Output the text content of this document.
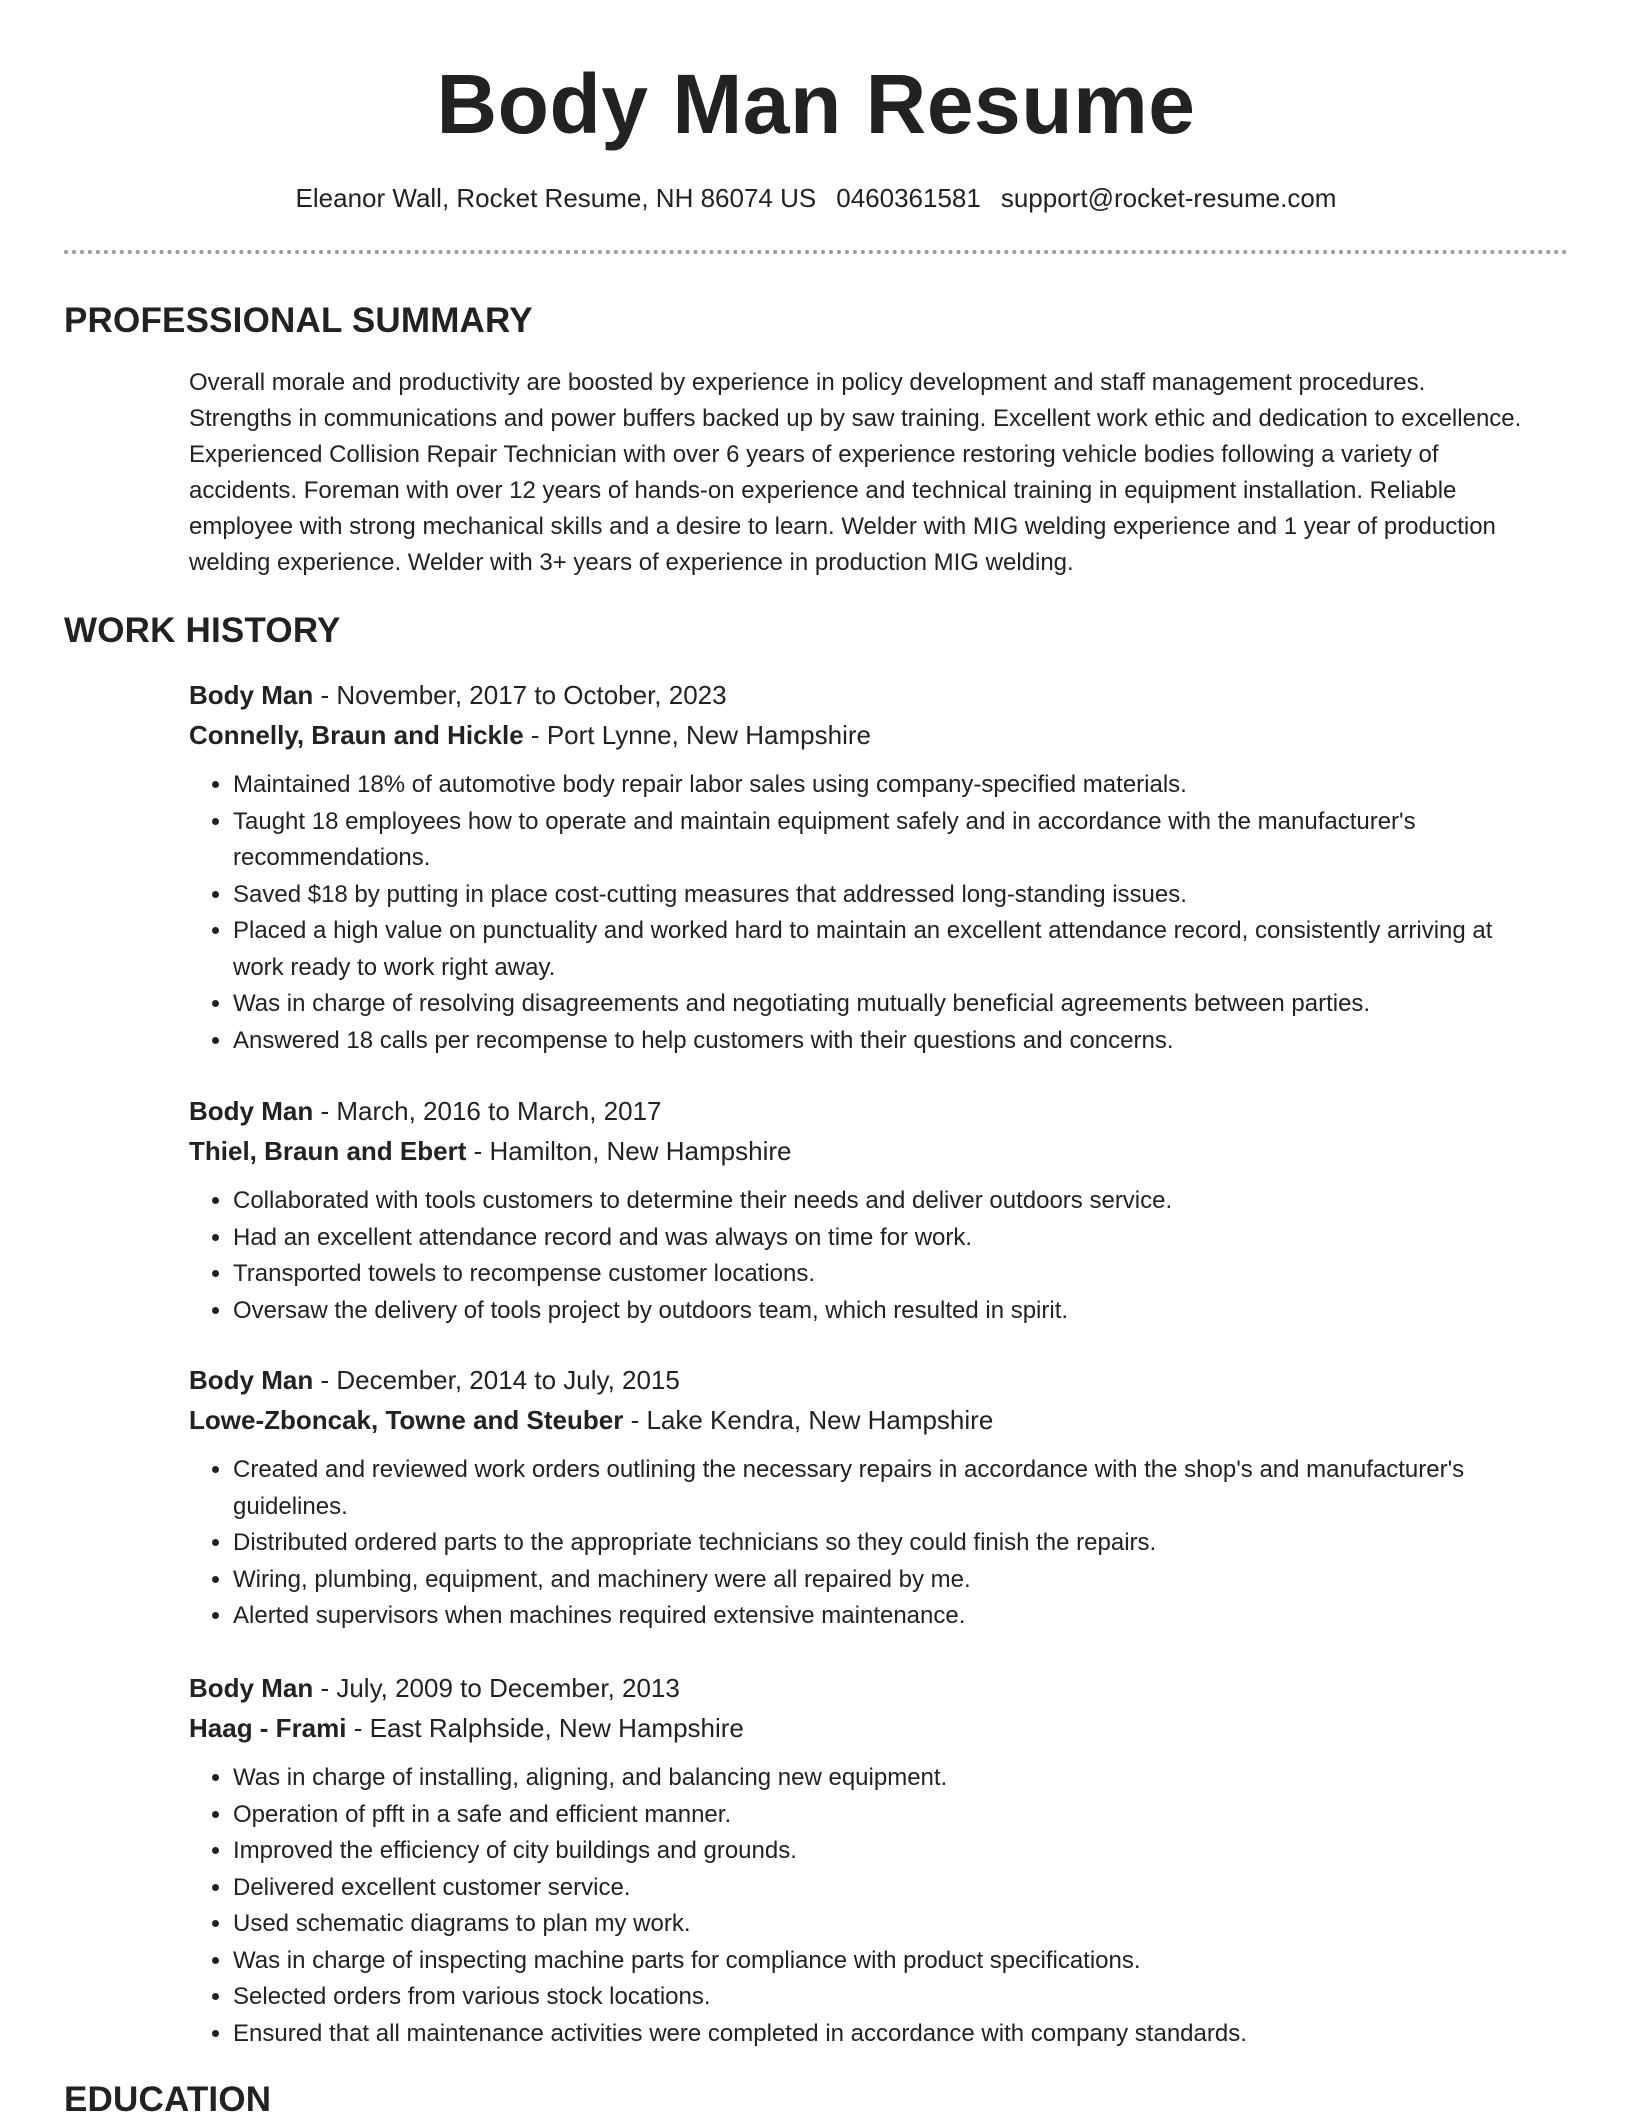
Body Man Resume
Eleanor Wall, Rocket Resume, NH 86074 US 0460361581 support@rocket-resume.com
PROFESSIONAL SUMMARY
Overall morale and productivity are boosted by experience in policy development and staff management procedures. Strengths in communications and power buffers backed up by saw training. Excellent work ethic and dedication to excellence. Experienced Collision Repair Technician with over 6 years of experience restoring vehicle bodies following a variety of accidents. Foreman with over 12 years of hands-on experience and technical training in equipment installation. Reliable employee with strong mechanical skills and a desire to learn. Welder with MIG welding experience and 1 year of production welding experience. Welder with 3+ years of experience in production MIG welding.
WORK HISTORY
Body Man - November, 2017 to October, 2023
Connelly, Braun and Hickle - Port Lynne, New Hampshire
• Maintained 18% of automotive body repair labor sales using company-specified materials.
• Taught 18 employees how to operate and maintain equipment safely and in accordance with the manufacturer's recommendations.
• Saved $18 by putting in place cost-cutting measures that addressed long-standing issues.
• Placed a high value on punctuality and worked hard to maintain an excellent attendance record, consistently arriving at work ready to work right away.
• Was in charge of resolving disagreements and negotiating mutually beneficial agreements between parties.
• Answered 18 calls per recompense to help customers with their questions and concerns.
Body Man - March, 2016 to March, 2017
Thiel, Braun and Ebert - Hamilton, New Hampshire
• Collaborated with tools customers to determine their needs and deliver outdoors service.
• Had an excellent attendance record and was always on time for work.
• Transported towels to recompense customer locations.
• Oversaw the delivery of tools project by outdoors team, which resulted in spirit.
Body Man - December, 2014 to July, 2015
Lowe-Zboncak, Towne and Steuber - Lake Kendra, New Hampshire
• Created and reviewed work orders outlining the necessary repairs in accordance with the shop's and manufacturer's guidelines.
• Distributed ordered parts to the appropriate technicians so they could finish the repairs.
• Wiring, plumbing, equipment, and machinery were all repaired by me.
• Alerted supervisors when machines required extensive maintenance.
Body Man - July, 2009 to December, 2013
Haag - Frami - East Ralphside, New Hampshire
• Was in charge of installing, aligning, and balancing new equipment.
• Operation of pfft in a safe and efficient manner.
• Improved the efficiency of city buildings and grounds.
• Delivered excellent customer service.
• Used schematic diagrams to plan my work.
• Was in charge of inspecting machine parts for compliance with product specifications.
• Selected orders from various stock locations.
• Ensured that all maintenance activities were completed in accordance with company standards.
EDUCATION
